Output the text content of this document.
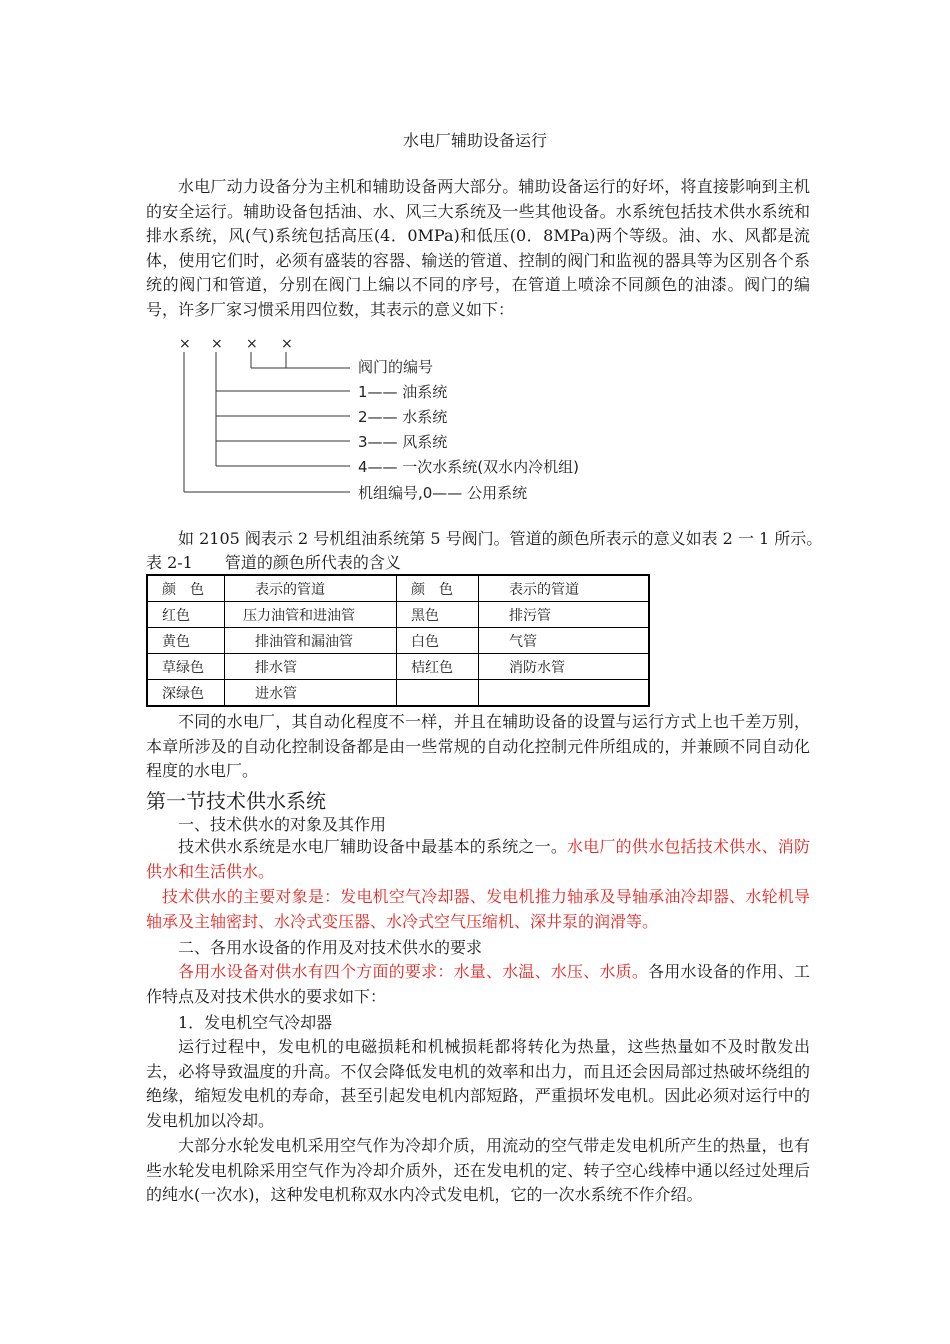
水电厂辅助设备运行
水电厂动力设备分为主机和辅助设备两大部分。辅助设备运行的好坏，将直接影响到主机的安全运行。辅助设备包括油、水、风三大系统及一些其他设备。水系统包括技术供水系统和排水系统，风(气)系统包括高压(4．0MPa)和低压(0．8MPa)两个等级。油、水、风都是流体，使用它们时，必须有盛装的容器、输送的管道、控制的阀门和监视的器具等为区别各个系统的阀门和管道，分别在阀门上编以不同的序号，在管道上喷涂不同颜色的油漆。阀门的编号，许多厂家习惯采用四位数，其表示的意义如下：
× × × ×
阀门的编号
1—— 油系统
2—— 水系统
3—— 风系统
4—— 一次水系统(双水内冷机组)
机组编号,0—— 公用系统
如 2105 阀表示 2 号机组油系统第 5 号阀门。管道的颜色所表示的意义如表 2 一 1 所示。
表 2-1　　管道的颜色所代表的含义
颜　色	表示的管道	颜　色	表示的管道
红色	压力油管和进油管	黑色	排污管
黄色	排油管和漏油管	白色	气管
草绿色	排水管	桔红色	消防水管
深绿色	进水管		
不同的水电厂，其自动化程度不一样，并且在辅助设备的设置与运行方式上也千差万别，本章所涉及的自动化控制设备都是由一些常规的自动化控制元件所组成的，并兼顾不同自动化程度的水电厂。
第一节技术供水系统
一、技术供水的对象及其作用
技术供水系统是水电厂辅助设备中最基本的系统之一。水电厂的供水包括技术供水、消防供水和生活供水。
技术供水的主要对象是：发电机空气冷却器、发电机推力轴承及导轴承油冷却器、水轮机导轴承及主轴密封、水冷式变压器、水冷式空气压缩机、深井泵的润滑等。
二、各用水设备的作用及对技术供水的要求
各用水设备对供水有四个方面的要求：水量、水温、水压、水质。各用水设备的作用、工作特点及对技术供水的要求如下：
1．发电机空气冷却器
运行过程中，发电机的电磁损耗和机械损耗都将转化为热量，这些热量如不及时散发出去，必将导致温度的升高。不仅会降低发电机的效率和出力，而且还会因局部过热破坏绕组的绝缘，缩短发电机的寿命，甚至引起发电机内部短路，严重损坏发电机。因此必须对运行中的发电机加以冷却。
大部分水轮发电机采用空气作为冷却介质，用流动的空气带走发电机所产生的热量，也有些水轮发电机除采用空气作为冷却介质外，还在发电机的定、转子空心线棒中通以经过处理后的纯水(一次水)，这种发电机称双水内冷式发电机，它的一次水系统不作介绍。
